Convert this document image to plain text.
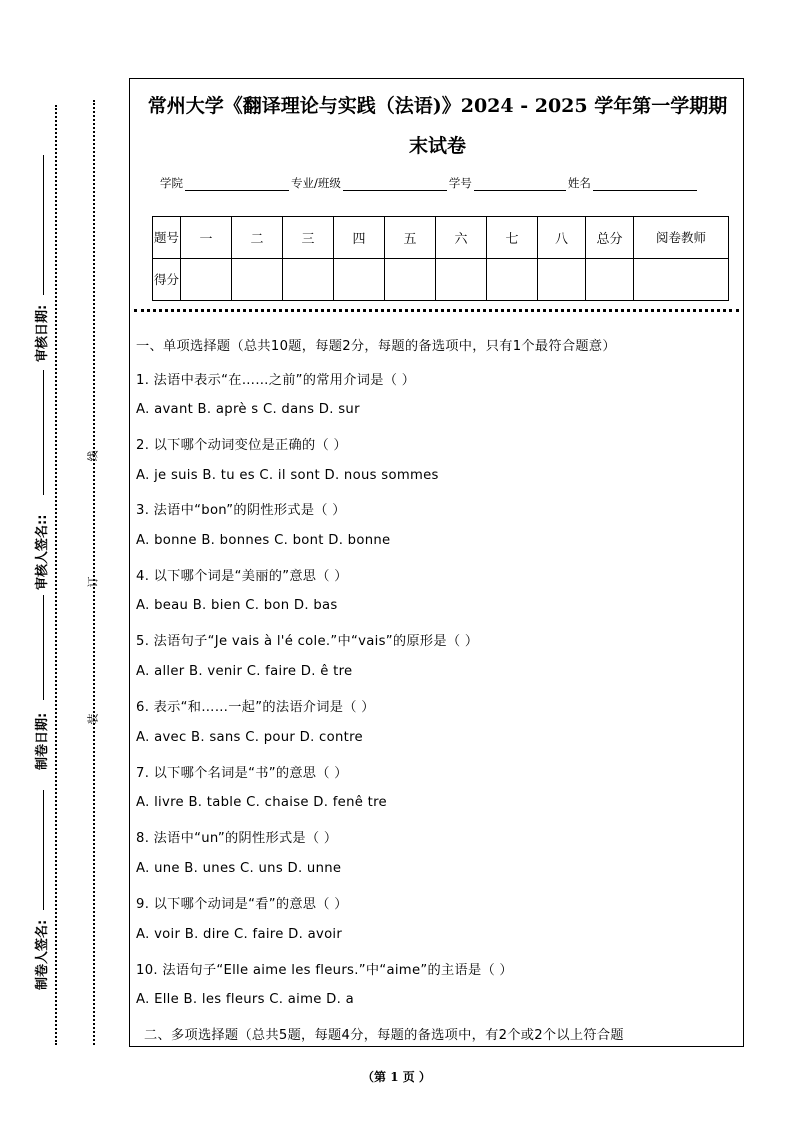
审核日期:
审核人签名::
制卷日期:
制卷人签名:
线
订
装
常州大学《翻译理论与实践（法语)》2024 - 2025 学年第一学期期
末试卷
学院	专业/班级	学号	姓名
题号	一	二	三	四	五	六	七	八	总分	阅卷教师
得分										
一、单项选择题（总共10题，每题2分，每题的备选项中，只有1个最符合题意）
1. 法语中表示“在……之前”的常用介词是（ ）
A. avant B. aprè s C. dans D. sur
2. 以下哪个动词变位是正确的（ ）
A. je suis B. tu es C. il sont D. nous sommes
3. 法语中“bon”的阴性形式是（ ）
A. bonne B. bonnes C. bont D. bonne
4. 以下哪个词是“美丽的”意思（ ）
A. beau B. bien C. bon D. bas
5. 法语句子“Je vais à l'é cole.”中“vais”的原形是（ ）
A. aller B. venir C. faire D. ê tre
6. 表示“和……一起”的法语介词是（ ）
A. avec B. sans C. pour D. contre
7. 以下哪个名词是“书”的意思（ ）
A. livre B. table C. chaise D. fenê tre
8. 法语中“un”的阴性形式是（ ）
A. une B. unes C. uns D. unne
9. 以下哪个动词是“看”的意思（ ）
A. voir B. dire C. faire D. avoir
10. 法语句子“Elle aime les fleurs.”中“aime”的主语是（ ）
A. Elle B. les fleurs C. aime D. a
二、多项选择题（总共5题，每题4分，每题的备选项中，有2个或2个以上符合题
（第 1 页 ）
